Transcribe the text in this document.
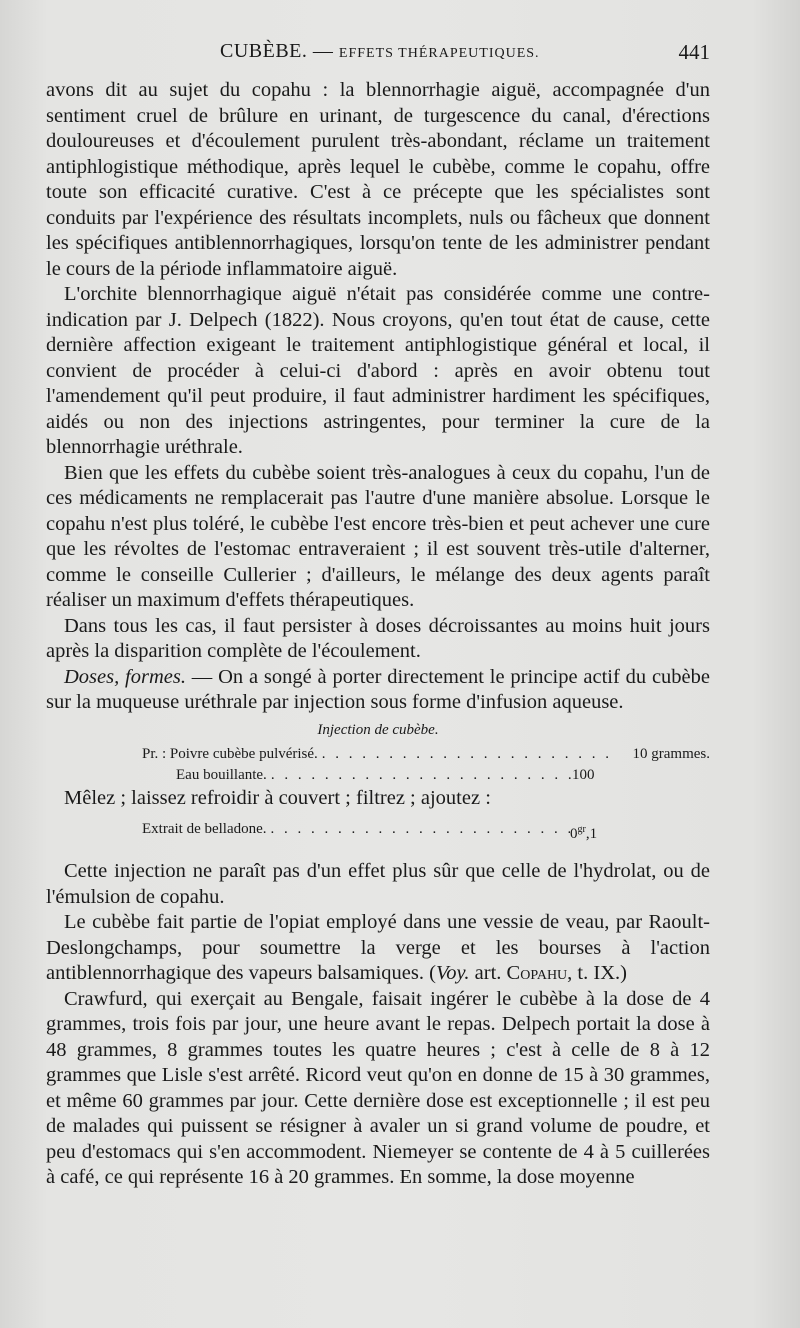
CUBÈBE. — EFFETS THÉRAPEUTIQUES.	441

avons dit au sujet du copahu : la blennorrhagie aiguë, accompagnée d'un sentiment cruel de brûlure en urinant, de turgescence du canal, d'érections douloureuses et d'écoulement purulent très-abondant, réclame un traitement antiphlogistique méthodique, après lequel le cubèbe, comme le copahu, offre toute son efficacité curative. C'est à ce précepte que les spécialistes sont conduits par l'expérience des résultats incomplets, nuls ou fâcheux que donnent les spécifiques antiblennorrhagiques, lorsqu'on tente de les administrer pendant le cours de la période inflammatoire aiguë.

L'orchite blennorrhagique aiguë n'était pas considérée comme une contre-indication par J. Delpech (1822). Nous croyons, qu'en tout état de cause, cette dernière affection exigeant le traitement antiphlogistique général et local, il convient de procéder à celui-ci d'abord : après en avoir obtenu tout l'amendement qu'il peut produire, il faut administrer hardiment les spécifiques, aidés ou non des injections astringentes, pour terminer la cure de la blennorrhagie uréthrale.

Bien que les effets du cubèbe soient très-analogues à ceux du copahu, l'un de ces médicaments ne remplacerait pas l'autre d'une manière absolue. Lorsque le copahu n'est plus toléré, le cubèbe l'est encore très-bien et peut achever une cure que les révoltes de l'estomac entraveraient ; il est souvent très-utile d'alterner, comme le conseille Cullerier ; d'ailleurs, le mélange des deux agents paraît réaliser un maximum d'effets thérapeutiques.

Dans tous les cas, il faut persister à doses décroissantes au moins huit jours après la disparition complète de l'écoulement.

Doses, formes. — On a songé à porter directement le principe actif du cubèbe sur la muqueuse uréthrale par injection sous forme d'infusion aqueuse.

Injection de cubèbe.
Pr. : Poivre cubèbe pulvérisé. . . .	10 grammes.
Eau bouillante. . . .	100

Mêlez ; laissez refroidir à couvert ; filtrez ; ajoutez :

Extrait de belladone. . . .	$0^{gr},1$

Cette injection ne paraît pas d'un effet plus sûr que celle de l'hydrolat, ou de l'émulsion de copahu.

Le cubèbe fait partie de l'opiat employé dans une vessie de veau, par Raoult-Deslongchamps, pour soumettre la verge et les bourses à l'action antiblennorrhagique des vapeurs balsamiques. (Voy. art. Copahu, t. IX.)

Crawfurd, qui exerçait au Bengale, faisait ingérer le cubèbe à la dose de 4 grammes, trois fois par jour, une heure avant le repas. Delpech portait la dose à 48 grammes, 8 grammes toutes les quatre heures ; c'est à celle de 8 à 12 grammes que Lisle s'est arrêté. Ricord veut qu'on en donne de 15 à 30 grammes, et même 60 grammes par jour. Cette dernière dose est exceptionnelle ; il est peu de malades qui puissent se résigner à avaler un si grand volume de poudre, et peu d'estomacs qui s'en accommodent. Niemeyer se contente de 4 à 5 cuillerées à café, ce qui représente 16 à 20 grammes. En somme, la dose moyenne
